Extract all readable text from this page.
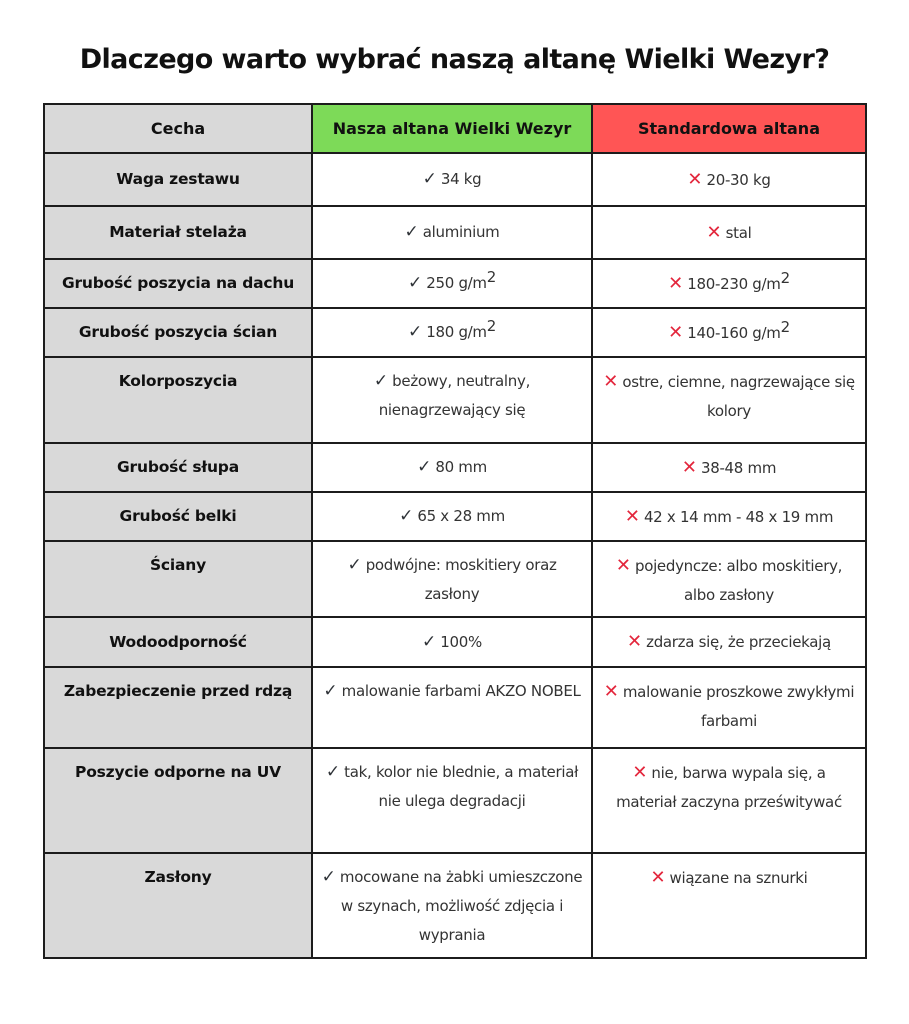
Dlaczego warto wybrać naszą altanę Wielki Wezyr?
Cecha	Nasza altana Wielki Wezyr	Standardowa altana
Waga zestawu	✓ 34 kg	✕ 20-30 kg
Materiał stelaża	✓ aluminium	✕ stal
Grubość poszycia na dachu	✓ 250 $g/m^2$	✕ 180-230 $g/m^2$
Grubość poszycia ścian	✓ 180 $g/m^2$	✕ 140-160 $g/m^2$
Kolorposzycia	✓ beżowy, neutralny, nienagrzewający się	✕ ostre, ciemne, nagrzewające się kolory
Grubość słupa	✓ 80 mm	✕ 38-48 mm
Grubość belki	✓ 65 x 28 mm	✕ 42 x 14 mm - 48 x 19 mm
Ściany	✓ podwójne: moskitiery oraz zasłony	✕ pojedyncze: albo moskitiery, albo zasłony
Wodoodporność	✓ 100%	✕ zdarza się, że przeciekają
Zabezpieczenie przed rdzą	✓ malowanie farbami AKZO NOBEL	✕ malowanie proszkowe zwykłymi farbami
Poszycie odporne na UV	✓ tak, kolor nie blednie, a materiał nie ulega degradacji	✕ nie, barwa wypala się, a materiał zaczyna prześwitywać
Zasłony	✓ mocowane na żabki umieszczone w szynach, możliwość zdjęcia i wyprania	✕ wiązane na sznurki
